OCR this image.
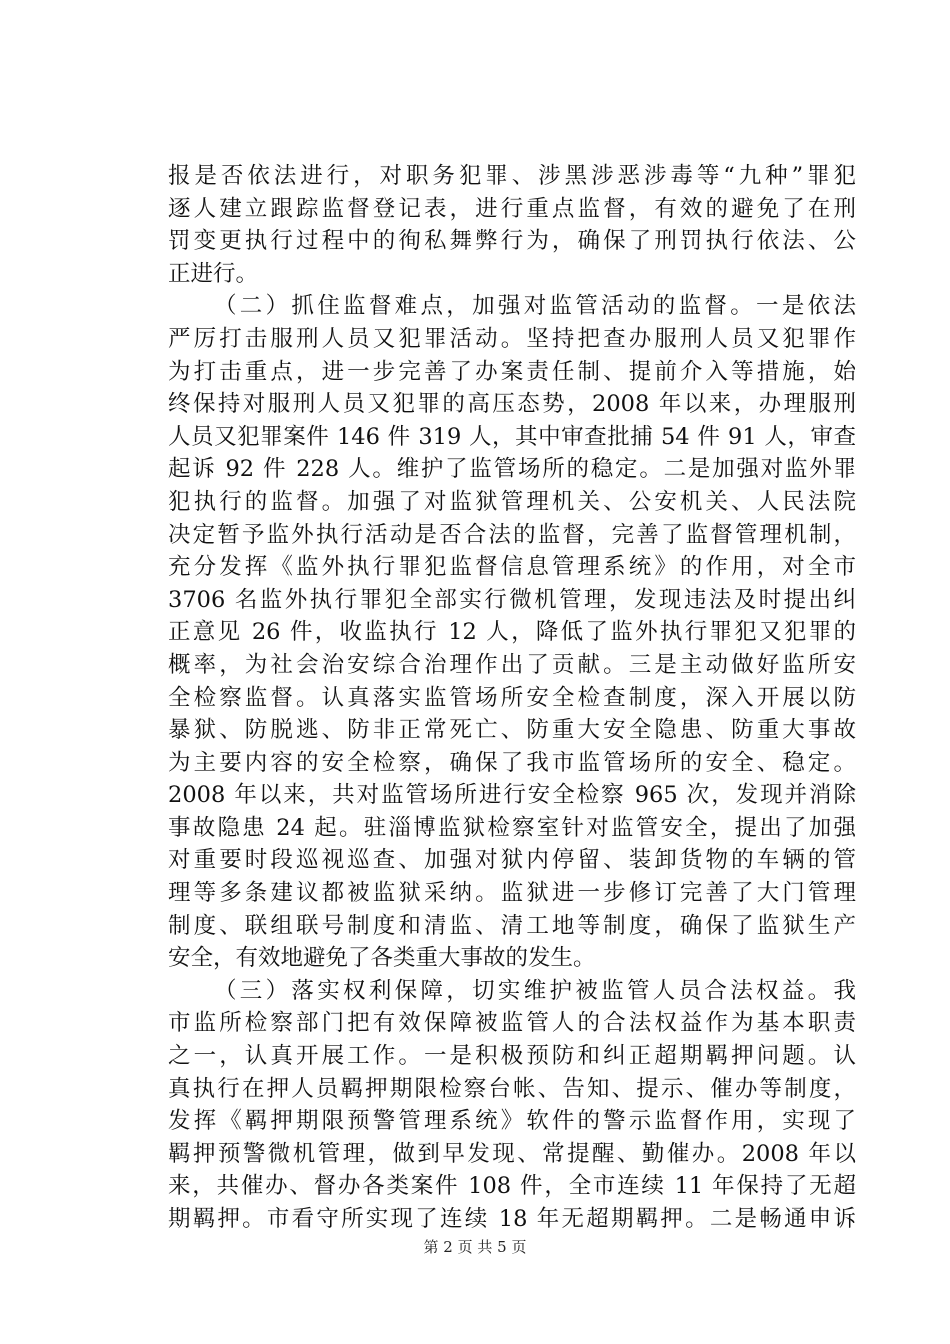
报是否依法进行，对职务犯罪、涉黑涉恶涉毒等“九种”罪犯
逐人建立跟踪监督登记表，进行重点监督，有效的避免了在刑
罚变更执行过程中的徇私舞弊行为，确保了刑罚执行依法、公
正进行。
（二）抓住监督难点，加强对监管活动的监督。一是依法
严厉打击服刑人员又犯罪活动。坚持把查办服刑人员又犯罪作
为打击重点，进一步完善了办案责任制、提前介入等措施，始
终保持对服刑人员又犯罪的高压态势，2008 年以来，办理服刑
人员又犯罪案件 146 件 319 人，其中审查批捕 54 件 91 人，审查
起诉 92 件 228 人。维护了监管场所的稳定。二是加强对监外罪
犯执行的监督。加强了对监狱管理机关、公安机关、人民法院
决定暂予监外执行活动是否合法的监督，完善了监督管理机制，
充分发挥《监外执行罪犯监督信息管理系统》的作用，对全市
3706 名监外执行罪犯全部实行微机管理，发现违法及时提出纠
正意见 26 件，收监执行 12 人，降低了监外执行罪犯又犯罪的
概率，为社会治安综合治理作出了贡献。三是主动做好监所安
全检察监督。认真落实监管场所安全检查制度，深入开展以防
暴狱、防脱逃、防非正常死亡、防重大安全隐患、防重大事故
为主要内容的安全检察，确保了我市监管场所的安全、稳定。
2008 年以来，共对监管场所进行安全检察 965 次，发现并消除
事故隐患 24 起。驻淄博监狱检察室针对监管安全，提出了加强
对重要时段巡视巡查、加强对狱内停留、装卸货物的车辆的管
理等多条建议都被监狱采纳。监狱进一步修订完善了大门管理
制度、联组联号制度和清监、清工地等制度，确保了监狱生产
安全，有效地避免了各类重大事故的发生。
（三）落实权利保障，切实维护被监管人员合法权益。我
市监所检察部门把有效保障被监管人的合法权益作为基本职责
之一，认真开展工作。一是积极预防和纠正超期羁押问题。认
真执行在押人员羁押期限检察台帐、告知、提示、催办等制度，
发挥《羁押期限预警管理系统》软件的警示监督作用，实现了
羁押预警微机管理，做到早发现、常提醒、勤催办。2008 年以
来，共催办、督办各类案件 108 件，全市连续 11 年保持了无超
期羁押。市看守所实现了连续 18 年无超期羁押。二是畅通申诉
第 2 页 共 5 页
